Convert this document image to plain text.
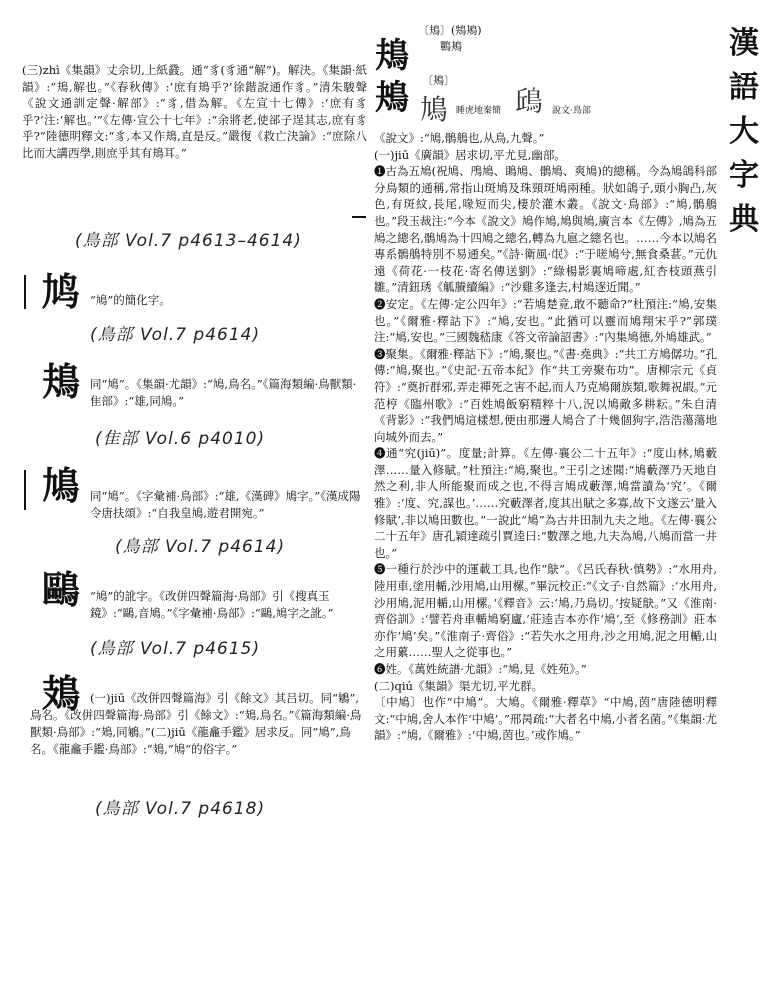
漢
語
大
字
典
鳺
〔鳺〕(鴩鴂)
鷤鴂
鴂 〔鴂〕
鳩 睡虎地秦簡 𩿨 說文·鳥部

(三)zhì《集韻》丈佘切,上紙鼗。通“豸(豸通“解”)。解決。《集韻·紙韻》:“鳺,解也。”《春秋傳》:‘庶有鳺乎?’徐鍇說通作豸。”清朱駿聲《說文通訓定聲·解部》:“豸,借為解。《左宣十七傳》:‘庶有豸乎?’注:‘解也。’”《左傳·宣公十七年》:“余將老,使郤子逞其志,庶有豸乎?”陸德明釋文:“豸,本又作鳺,直是反。”嚴復《救亡決論》:“庶除八比而大講西學,則庶乎其有鳺耳。”

(鳥部 Vol.7 p4613–4614)
鸠 “鳩”的簡化字。
(鳥部 Vol.7 p4614)
鳺 同“鳩”。《集韻·尤韻》:“鳩,鳥名。”《篇海類編·鳥獸類·隹部》:“雄,同鳩。”
(隹部 Vol.6 p4010)
鳩 同“鳩”。《字彙補·鳥部》:“雄,《漢碑》鳩字。”《漢成陽令唐扶頌》:“自我皇鳩,遊君開宛。”
(鳥部 Vol.7 p4614)
鷗 “鳩”的訛字。《改併四聲篇海·鳥部》引《搜真玉鏡》:“鷗,音鳩。”《字彙補·鳥部》:“鷗,鳩字之訛。”
(鳥部 Vol.7 p4615)
鳷 (一)jiū《改併四聲篇海》引《餘文》其吕切。同“鵴”,鳥名。《改併四聲篇海·鳥部》引《餘文》:“鳷,鳥名。”《篇海類編·鳥獸類·鳥部》:“鳷,同鵴。”(二)jiū《龍龕手鑑》居求反。同“鳩”,鳥名。《龍龕手鑑·鳥部》:“鳷,”鳩“的俗字。”
(鳥部 Vol.7 p4618)

《說文》:“鳩,鶻鵃也,从鳥,九聲。”

(一)jiū《廣韻》居求切,平尤見,幽部。

❶古為五鳩(祝鳩、鳲鳩、鴡鳩、鶻鳩、爽鳩)的總稱。今為鳩鴿科部分鳥類的通稱,常指山斑鳩及珠頸斑鳩兩種。狀如鴿子,頭小胸凸,灰色,有斑紋,長尾,喙短而尖,棲於灌木叢。《說文·鳥部》:“鳩,鶻鵃也。”段玉裁注:“今本《說文》鳩作鳩,鳩與鳩,廣言本《左傳》,鳩為五鳩之總名,鶻鳩為十四鳩之總名,轉為九扈之總名也。……今本以鳩名專系鶻鵃特別不易通矣。”《詩·衛風·氓》:“于嗟鳩兮,無食桑葚。”元仇遠《荷花·一枝花·寄名傳送劉》:“綠楊影裏鳩啼處,紅杏枝頭燕引雛。”清鈕琇《觚賸續編》:“沙雞多逢去,村鳩逐近聞。”

❷安定。《左傳·定公四年》:“若鳩楚竟,敢不聽命?”杜預注:“鳩,安集也。”《爾雅·釋詁下》:“鳩,安也。”此猶可以靈而鳩翔宋乎?”郭璞注:“鳩,安也。”三國魏嵇康《答文帝論詔書》:“內集鳩德,外鳩雄武。”

❸聚集。《爾雅·釋詁下》:“鳩,聚也。”《書·堯典》:“共工方鳩僝功。”孔傳:“鳩,聚也。”《史記·五帝本紀》作“共工旁聚布功”。唐柳宗元《貞符》:“奠折群邪,弄走禪死之害不起,而人乃克鳩爾族類,歌舞祝嘏。”元范梈《臨州歌》:“百姓鳩飯窮精粹十八,況以鳩敵多耕耘。”朱自清《背影》:“我們鳩這樣想,便由那邊人鳩合了十幾個狗字,浩浩蕩蕩地向城外而去。”

❹通“究(jiū)”。度量;計算。《左傳·襄公二十五年》:“度山林,鳩藪澤……量入修賦。”杜預注:“鳩,聚也。”王引之述聞:“鳩藪澤乃天地自然之利,非人所能聚而成之也,不得言鳩成藪澤,鳩當讀為‘究’。《爾雅》:‘度、究,謀也。’……究藪澤者,度其出賦之多寡,故下文遂云‘量入修賦’,非以鳩田數也。”一說此“鳩”為古井田制九夫之地。《左傳·襄公二十五年》唐孔穎達疏引賈逵曰:“數澤之地,九夫為鳩,八鳩而當一井也。”

❺一種行於沙中的運載工具,也作“鴃”。《呂氏春秋·慎勢》:“水用舟,陸用車,塗用輴,沙用鳩,山用樏。”畢沅校正:“《文子·自然篇》:‘水用舟,沙用鳩,泥用輴,山用樏。’《釋音》云:‘鳩,乃鳥切。’按疑鴃。”又《淮南·齊俗訓》:‘譬若舟車輴鳩窮廬,’莊逵吉本亦作‘鳩’,至《修務訓》莊本亦作‘鳩’矣。”《淮南子·齊俗》:“若失水之用舟,沙之用鳩,泥之用輴,山之用蔂……聖人之從事也。”

❻姓。《萬姓統譜·尤韻》:“鳩,見《姓苑》。”

(二)qiú《集韻》渠尤切,平尤群。

〔中鳩〕也作“中鳩”。大鳩。《爾雅·釋草》“中鳩,茵”唐陸德明釋文:“中鳩,舍人本作‘中鳩’。”邢昺疏:“大者名中鳩,小者名菌。”《集韻·尤韻》:“鳩,《爾雅》:‘中鳩,茵也。’或作鳩。”
